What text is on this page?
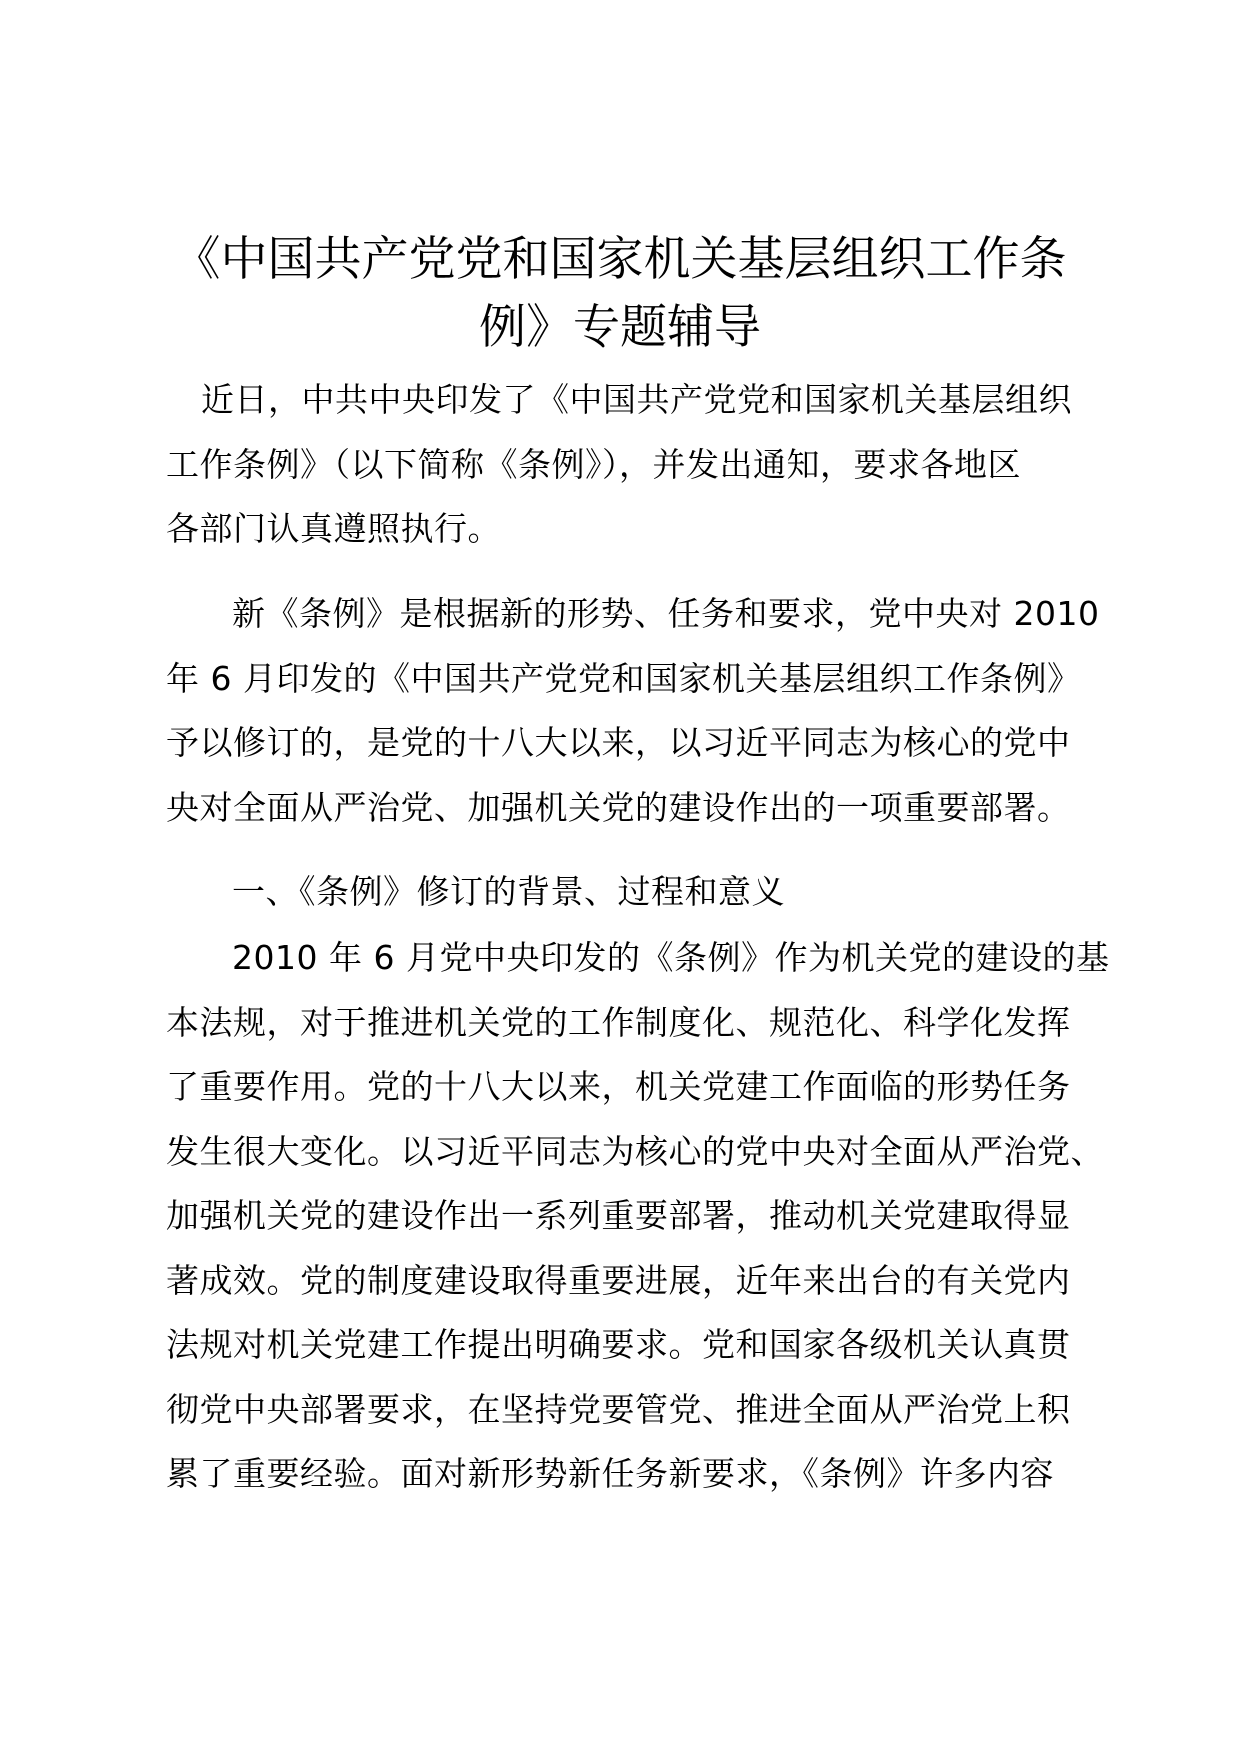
《中国共产党党和国家机关基层组织工作条
例》专题辅导

近日，中共中央印发了《中国共产党党和国家机关基层组织
工作条例》（以下简称《条例》），并发出通知，要求各地区
各部门认真遵照执行。

新《条例》是根据新的形势、任务和要求，党中央对 2010
年 6 月印发的《中国共产党党和国家机关基层组织工作条例》
予以修订的，是党的十八大以来，以习近平同志为核心的党中
央对全面从严治党、加强机关党的建设作出的一项重要部署。

一、《条例》修订的背景、过程和意义

2010 年 6 月党中央印发的《条例》作为机关党的建设的基
本法规，对于推进机关党的工作制度化、规范化、科学化发挥
了重要作用。党的十八大以来，机关党建工作面临的形势任务
发生很大变化。以习近平同志为核心的党中央对全面从严治党、
加强机关党的建设作出一系列重要部署，推动机关党建取得显
著成效。党的制度建设取得重要进展，近年来出台的有关党内
法规对机关党建工作提出明确要求。党和国家各级机关认真贯
彻党中央部署要求，在坚持党要管党、推进全面从严治党上积
累了重要经验。面对新形势新任务新要求，《条例》许多内容
